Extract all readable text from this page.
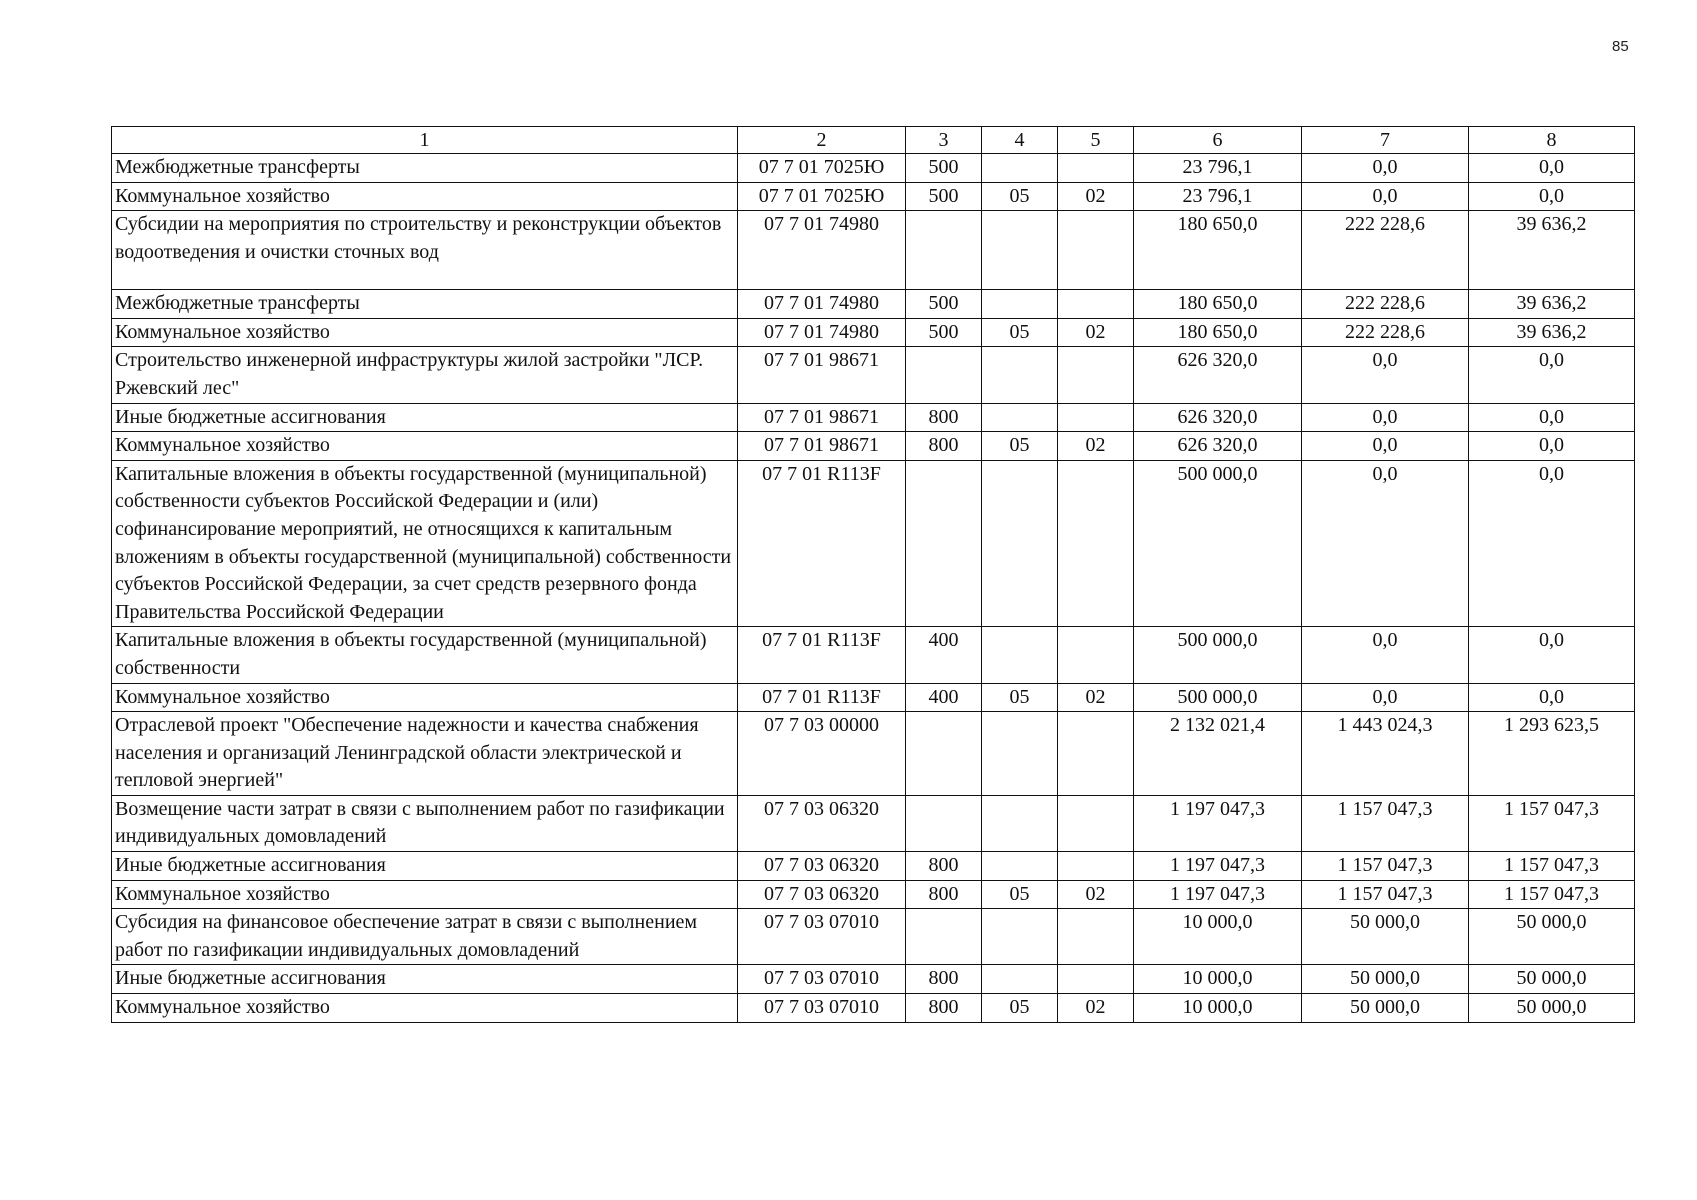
85
1	2	3	4	5	6	7	8
Межбюджетные трансферты	07 7 01 7025Ю	500			23 796,1	0,0	0,0
Коммунальное хозяйство	07 7 01 7025Ю	500	05	02	23 796,1	0,0	0,0
Субсидии на мероприятия по строительству и реконструкции объектов водоотведения и очистки сточных вод	07 7 01 74980				180 650,0	222 228,6	39 636,2
Межбюджетные трансферты	07 7 01 74980	500			180 650,0	222 228,6	39 636,2
Коммунальное хозяйство	07 7 01 74980	500	05	02	180 650,0	222 228,6	39 636,2
Строительство инженерной инфраструктуры жилой застройки "ЛСР. Ржевский лес"	07 7 01 98671				626 320,0	0,0	0,0
Иные бюджетные ассигнования	07 7 01 98671	800			626 320,0	0,0	0,0
Коммунальное хозяйство	07 7 01 98671	800	05	02	626 320,0	0,0	0,0
Капитальные вложения в объекты государственной (муниципальной) собственности субъектов Российской Федерации и (или) софинансирование мероприятий, не относящихся к капитальным вложениям в объекты государственной (муниципальной) собственности субъектов Российской Федерации, за счет средств резервного фонда Правительства Российской Федерации	07 7 01 R113F				500 000,0	0,0	0,0
Капитальные вложения в объекты государственной (муниципальной) собственности	07 7 01 R113F	400			500 000,0	0,0	0,0
Коммунальное хозяйство	07 7 01 R113F	400	05	02	500 000,0	0,0	0,0
Отраслевой проект "Обеспечение надежности и качества снабжения населения и организаций Ленинградской области электрической и тепловой энергией"	07 7 03 00000				2 132 021,4	1 443 024,3	1 293 623,5
Возмещение части затрат в связи с выполнением работ по газификации индивидуальных домовладений	07 7 03 06320				1 197 047,3	1 157 047,3	1 157 047,3
Иные бюджетные ассигнования	07 7 03 06320	800			1 197 047,3	1 157 047,3	1 157 047,3
Коммунальное хозяйство	07 7 03 06320	800	05	02	1 197 047,3	1 157 047,3	1 157 047,3
Субсидия на финансовое обеспечение затрат в связи с выполнением работ по газификации индивидуальных домовладений	07 7 03 07010				10 000,0	50 000,0	50 000,0
Иные бюджетные ассигнования	07 7 03 07010	800			10 000,0	50 000,0	50 000,0
Коммунальное хозяйство	07 7 03 07010	800	05	02	10 000,0	50 000,0	50 000,0
